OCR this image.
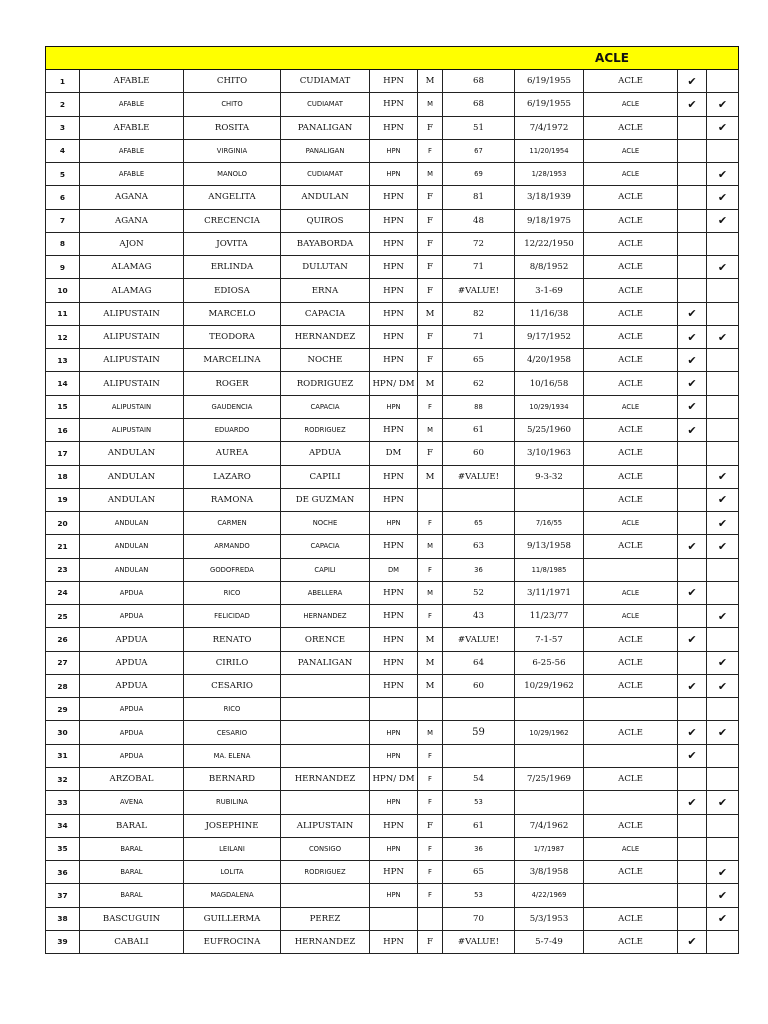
ACLE										
1	AFABLE	CHITO	CUDIAMAT	HPN	M	68	6/19/1955	ACLE	✔	
2	AFABLE	CHITO	CUDIAMAT	HPN	M	68	6/19/1955	ACLE	✔	✔
3	AFABLE	ROSITA	PANALIGAN	HPN	F	51	7/4/1972	ACLE		✔
4	AFABLE	VIRGINIA	PANALIGAN	HPN	F	67	11/20/1954	ACLE		
5	AFABLE	MANOLO	CUDIAMAT	HPN	M	69	1/28/1953	ACLE		✔
6	AGANA	ANGELITA	ANDULAN	HPN	F	81	3/18/1939	ACLE		✔
7	AGANA	CRECENCIA	QUIROS	HPN	F	48	9/18/1975	ACLE		✔
8	AJON	JOVITA	BAYABORDA	HPN	F	72	12/22/1950	ACLE		
9	ALAMAG	ERLINDA	DULUTAN	HPN	F	71	8/8/1952	ACLE		✔
10	ALAMAG	EDIOSA	ERNA	HPN	F	#VALUE!	3-1-69	ACLE		
11	ALIPUSTAIN	MARCELO	CAPACIA	HPN	M	82	11/16/38	ACLE	✔	
12	ALIPUSTAIN	TEODORA	HERNANDEZ	HPN	F	71	9/17/1952	ACLE	✔	✔
13	ALIPUSTAIN	MARCELINA	NOCHE	HPN	F	65	4/20/1958	ACLE	✔	
14	ALIPUSTAIN	ROGER	RODRIGUEZ	HPN/ DM	M	62	10/16/58	ACLE	✔	
15	ALIPUSTAIN	GAUDENCIA	CAPACIA	HPN	F	88	10/29/1934	ACLE	✔	
16	ALIPUSTAIN	EDUARDO	RODRIGUEZ	HPN	M	61	5/25/1960	ACLE	✔	
17	ANDULAN	AUREA	APDUA	DM	F	60	3/10/1963	ACLE		
18	ANDULAN	LAZARO	CAPILI	HPN	M	#VALUE!	9-3-32	ACLE		✔
19	ANDULAN	RAMONA	DE GUZMAN	HPN				ACLE		✔
20	ANDULAN	CARMEN	NOCHE	HPN	F	65	7/16/55	ACLE		✔
21	ANDULAN	ARMANDO	CAPACIA	HPN	M	63	9/13/1958	ACLE	✔	✔
23	ANDULAN	GODOFREDA	CAPILI	DM	F	36	11/8/1985			
24	APDUA	RICO	ABELLERA	HPN	M	52	3/11/1971	ACLE	✔	
25	APDUA	FELICIDAD	HERNANDEZ	HPN	F	43	11/23/77	ACLE		✔
26	APDUA	RENATO	ORENCE	HPN	M	#VALUE!	7-1-57	ACLE	✔	
27	APDUA	CIRILO	PANALIGAN	HPN	M	64	6-25-56	ACLE		✔
28	APDUA	CESARIO		HPN	M	60	10/29/1962	ACLE	✔	✔
29	APDUA	RICO								
30	APDUA	CESARIO		HPN	M	59	10/29/1962	ACLE	✔	✔
31	APDUA	MA. ELENA		HPN	F				✔	
32	ARZOBAL	BERNARD	HERNANDEZ	HPN/ DM	F	54	7/25/1969	ACLE		
33	AVENA	RUBILINA		HPN	F	53			✔	✔
34	BARAL	JOSEPHINE	ALIPUSTAIN	HPN	F	61	7/4/1962	ACLE		
35	BARAL	LEILANI	CONSIGO	HPN	F	36	1/7/1987	ACLE		
36	BARAL	LOLITA	RODRIGUEZ	HPN	F	65	3/8/1958	ACLE		✔
37	BARAL	MAGDALENA		HPN	F	53	4/22/1969			✔
38	BASCUGUIN	GUILLERMA	PEREZ			70	5/3/1953	ACLE		✔
39	CABALI	EUFROCINA	HERNANDEZ	HPN	F	#VALUE!	5-7-49	ACLE	✔	
